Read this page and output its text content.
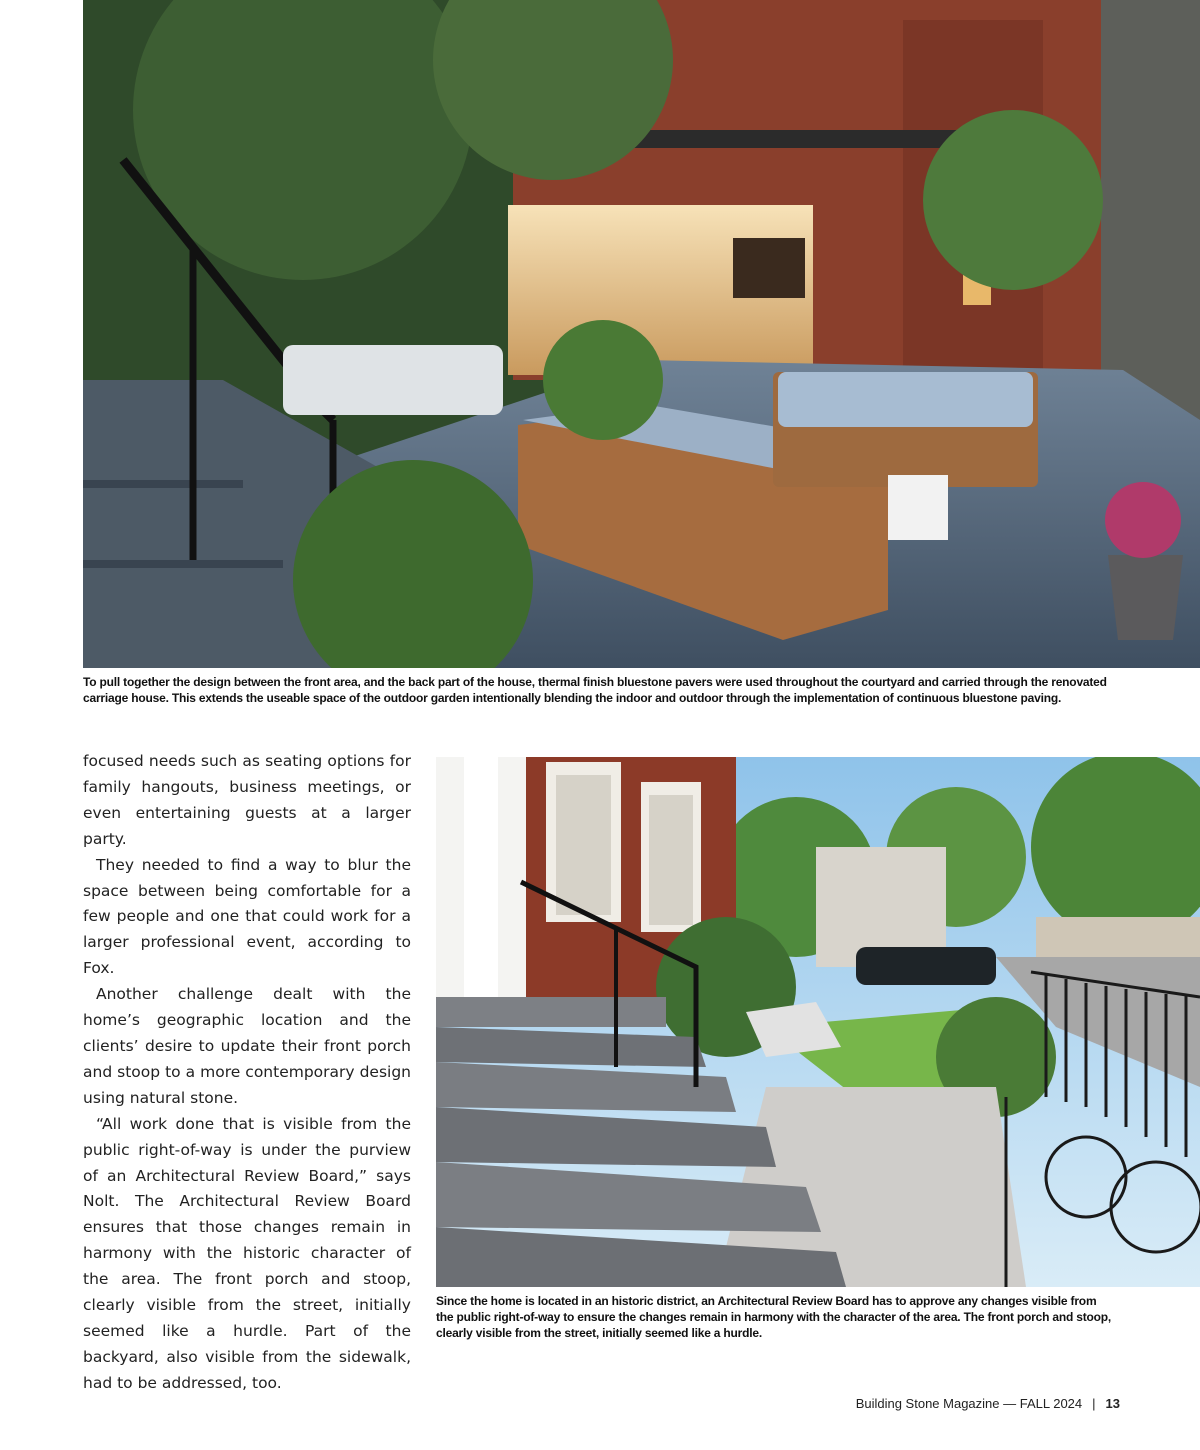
To pull together the design between the front area, and the back part of the house, thermal finish bluestone pavers were used throughout the courtyard and carried through the renovated carriage house. This extends the useable space of the outdoor garden intentionally blending the indoor and outdoor through the implementation of continuous bluestone paving.

focused needs such as seating options for family hangouts, business meetings, or even entertaining guests at a larger party.

They needed to find a way to blur the space between being comfortable for a few people and one that could work for a larger professional event, according to Fox.

Another challenge dealt with the home’s geographic location and the clients’ desire to update their front porch and stoop to a more contemporary design using natural stone.

“All work done that is visible from the public right-of-way is under the purview of an Architectural Review Board,” says Nolt. The Architectural Review Board ensures that those changes remain in harmony with the historic character of the area. The front porch and stoop, clearly visible from the street, initially seemed like a hurdle. Part of the backyard, also visible from the sidewalk, had to be addressed, too.

Since the home is located in an historic district, an Architectural Review Board has to approve any changes visible from the public right-of-way to ensure the changes remain in harmony with the character of the area. The front porch and stoop, clearly visible from the street, initially seemed like a hurdle.

Building Stone Magazine — FALL 2024 | 13
